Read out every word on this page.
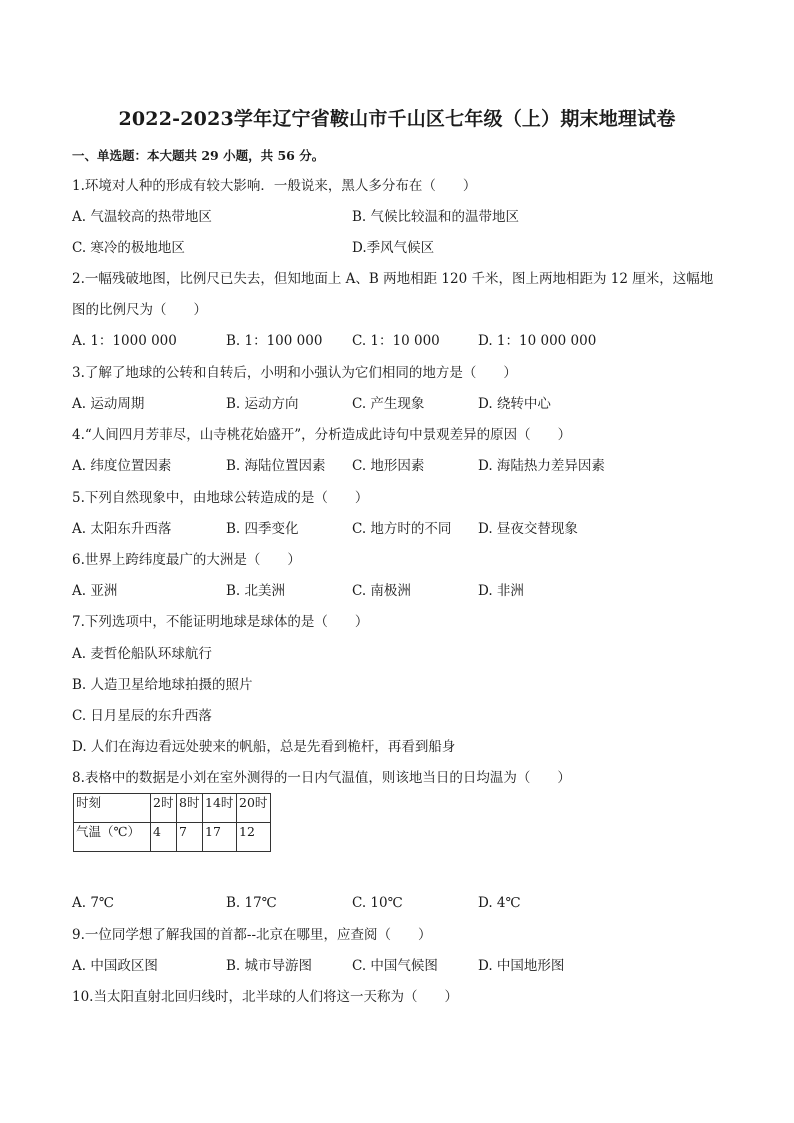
2022-2023学年辽宁省鞍山市千山区七年级（上）期末地理试卷
一、单选题：本大题共 29 小题，共 56 分。
1.环境对人种的形成有较大影响．一般说来，黑人多分布在（　　）
A. 气温较高的热带地区	B. 气候比较温和的温带地区
C. 寒冷的极地地区	D.季风气候区
2.一幅残破地图，比例尺已失去，但知地面上 A、B 两地相距 120 千米，图上两地相距为 12 厘米，这幅地
图的比例尺为（　　）
A. 1：1000 000	B. 1：100 000 C. 1：10 000	D. 1：10 000 000
3.了解了地球的公转和自转后，小明和小强认为它们相同的地方是（　　）
A. 运动周期	B. 运动方向	C. 产生现象	D. 绕转中心
4.“人间四月芳菲尽，山寺桃花始盛开”，分析造成此诗句中景观差异的原因（　　）
A. 纬度位置因素	B. 海陆位置因素 C. 地形因素	D. 海陆热力差异因素
5.下列自然现象中，由地球公转造成的是（　　）
A. 太阳东升西落	B. 四季变化	C. 地方时的不同 D. 昼夜交替现象
6.世界上跨纬度最广的大洲是（　　）
A. 亚洲	B. 北美洲	C. 南极洲	D. 非洲
7.下列选项中，不能证明地球是球体的是（　　）
A. 麦哲伦船队环球航行
B. 人造卫星给地球拍摄的照片
C. 日月星辰的东升西落
D. 人们在海边看远处驶来的帆船，总是先看到桅杆，再看到船身
8.表格中的数据是小刘在室外测得的一日内气温值，则该地当日的日均温为（　　）
时刻	2时	8时	14时	20时
气温（℃）	4	7	17	12
A. 7℃	B. 17℃	C. 10℃	D. 4℃
9.一位同学想了解我国的首都--北京在哪里，应查阅（　　）
A. 中国政区图	B. 城市导游图	C. 中国气候图	D. 中国地形图
10.当太阳直射北回归线时，北半球的人们将这一天称为（　　）
